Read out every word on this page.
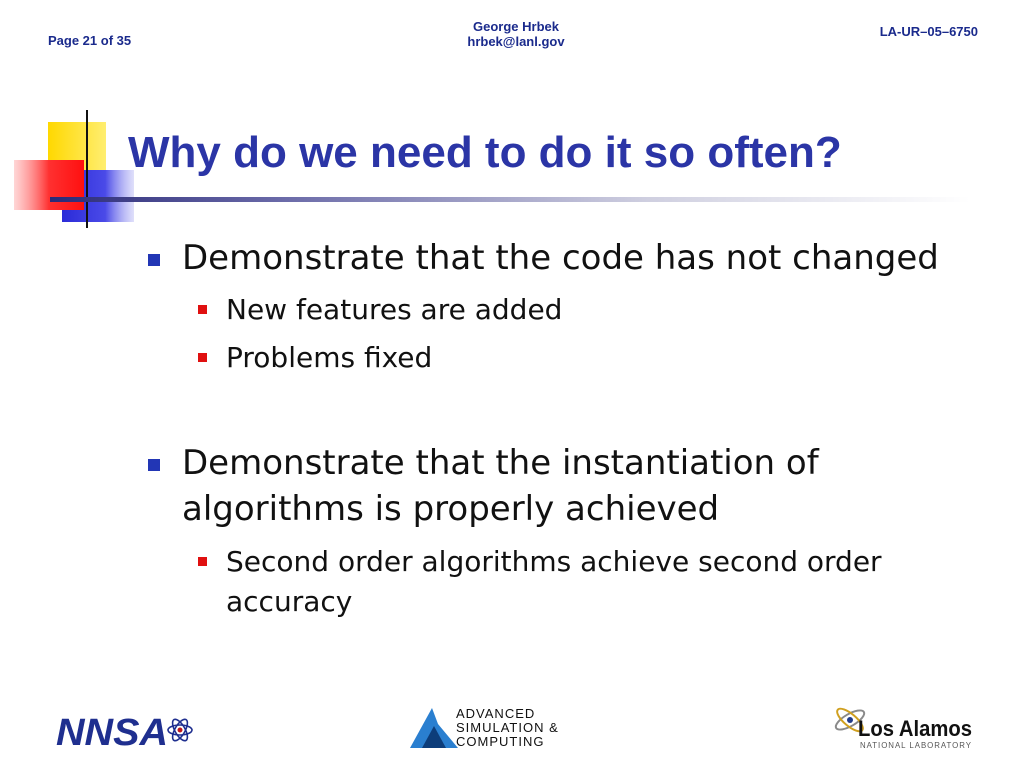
Page 21 of 35
George Hrbek
hrbek@lanl.gov
LA-UR–05–6750
Why do we need to do it so often?
Demonstrate that the code has not changed
New features are added
Problems fixed
Demonstrate that the instantiation of
algorithms is properly achieved
Second order algorithms achieve second order
accuracy
NNSA	ADVANCED
SIMULATION &
COMPUTING
Los Alamos
NATIONAL LABORATORY
